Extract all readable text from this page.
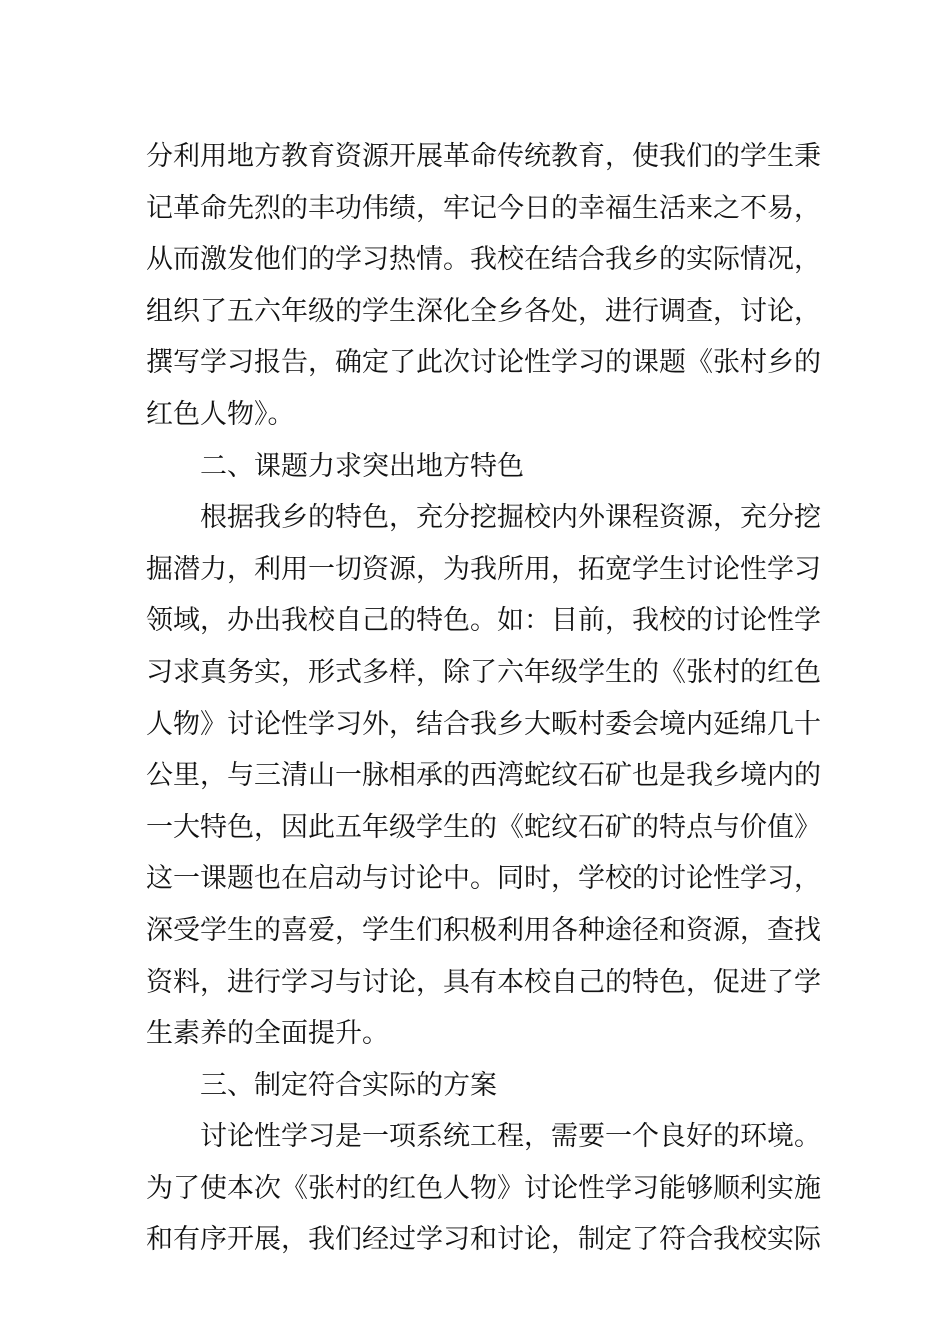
分利用地方教育资源开展革命传统教育，使我们的学生秉
记革命先烈的丰功伟绩，牢记今日的幸福生活来之不易，
从而激发他们的学习热情。我校在结合我乡的实际情况，
组织了五六年级的学生深化全乡各处，进行调查，讨论，
撰写学习报告，确定了此次讨论性学习的课题《张村乡的
红色人物》。
二、课题力求突出地方特色
根据我乡的特色，充分挖掘校内外课程资源，充分挖
掘潜力，利用一切资源，为我所用，拓宽学生讨论性学习
领域，办出我校自己的特色。如：目前，我校的讨论性学
习求真务实，形式多样，除了六年级学生的《张村的红色
人物》讨论性学习外，结合我乡大畈村委会境内延绵几十
公里，与三清山一脉相承的西湾蛇纹石矿也是我乡境内的
一大特色，因此五年级学生的《蛇纹石矿的特点与价值》
这一课题也在启动与讨论中。同时，学校的讨论性学习，
深受学生的喜爱，学生们积极利用各种途径和资源，查找
资料，进行学习与讨论，具有本校自己的特色，促进了学
生素养的全面提升。
三、制定符合实际的方案
讨论性学习是一项系统工程，需要一个良好的环境。
为了使本次《张村的红色人物》讨论性学习能够顺利实施
和有序开展，我们经过学习和讨论，制定了符合我校实际
